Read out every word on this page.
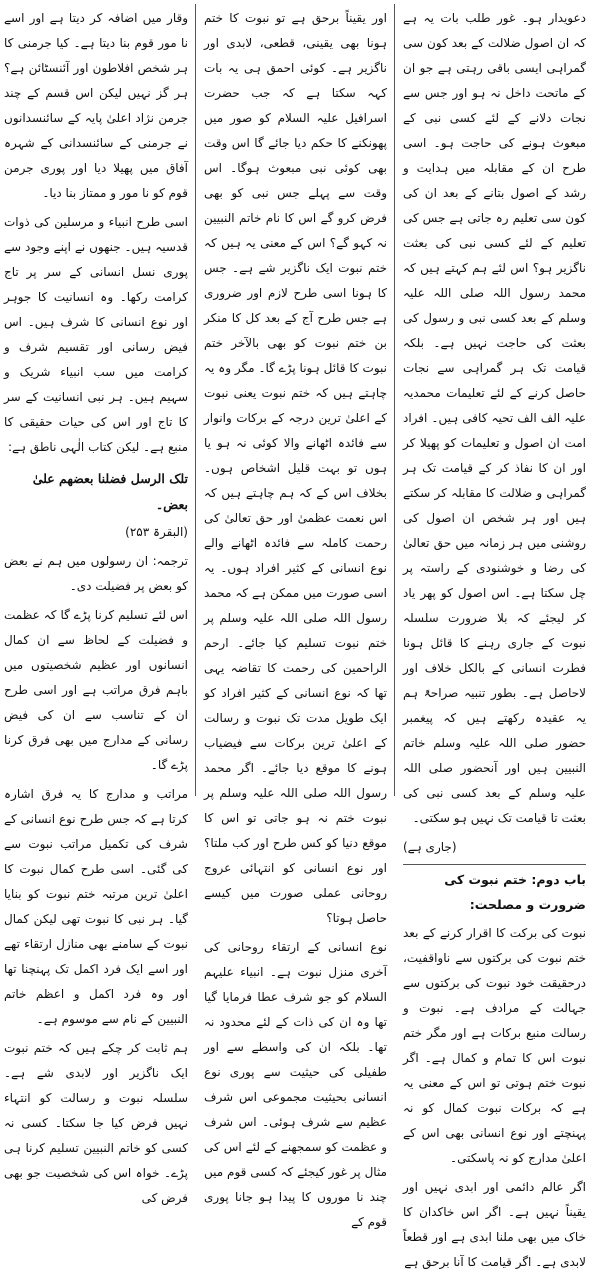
دعویدار ہو۔ غور طلب بات یہ ہے کہ ان اصول ضلالت کے بعد کون سی گمراہی ایسی باقی رہتی ہے جو ان کے ماتحت داخل نہ ہو اور جس سے نجات دلانے کے لئے کسی نبی کے مبعوث ہونے کی حاجت ہو۔ اسی طرح ان کے مقابلہ میں ہدایت و رشد کے اصول بتانے کے بعد ان کی کون سی تعلیم رہ جاتی ہے جس کی تعلیم کے لئے کسی نبی کی بعثت ناگزیر ہو؟ اس لئے ہم کہتے ہیں کہ محمد رسول اللہ صلی اللہ علیہ وسلم کے بعد کسی نبی و رسول کی بعثت کی حاجت نہیں ہے۔ بلکہ قیامت تک ہر گمراہی سے نجات حاصل کرنے کے لئے تعلیمات محمدیہ علیہ الف الف تحیہ کافی ہیں۔ افراد امت ان اصول و تعلیمات کو پھیلا کر اور ان کا نفاذ کر کے قیامت تک ہر گمراہی و ضلالت کا مقابلہ کر سکتے ہیں اور ہر شخص ان اصول کی روشنی میں ہر زمانہ میں حق تعالیٰ کی رضا و خوشنودی کے راستہ پر چل سکتا ہے۔ اس اصول کو پھر یاد کر لیجئے کہ بلا ضرورت سلسلہ نبوت کے جاری رہنے کا قائل ہونا فطرت انسانی کے بالکل خلاف اور لاحاصل ہے۔ بطور تنبیہ صراحۃً ہم یہ عقیدہ رکھتے ہیں کہ پیغمبر حضور صلی اللہ علیہ وسلم خاتم النبیین ہیں اور آنحضور صلی اللہ علیہ وسلم کے بعد کسی نبی کی بعثت تا قیامت تک نہیں ہو سکتی۔

(جاری ہے)

باب دوم: ختم نبوت کی ضرورت و مصلحت:

نبوت کی برکت کا اقرار کرنے کے بعد ختم نبوت کی برکتوں سے ناواقفیت، درحقیقت خود نبوت کی برکتوں سے جہالت کے مرادف ہے۔ نبوت و رسالت منبع برکات ہے اور مگر ختم نبوت اس کا تمام و کمال ہے۔ اگر نبوت ختم ہوتی تو اس کے معنی یہ ہے کہ برکات نبوت کمال کو نہ پہنچتے اور نوع انسانی بھی اس کے اعلیٰ مدارج کو نہ پاسکتی۔

اگر عالم دائمی اور ابدی نہیں اور یقیناً نہیں ہے۔ اگر اس خاکدان کا خاک میں بھی ملنا ابدی ہے اور قطعاً لابدی ہے۔ اگر قیامت کا آنا برحق ہے

اور یقیناً برحق ہے تو نبوت کا ختم ہونا بھی یقینی، قطعی، لابدی اور ناگزیر ہے۔ کوئی احمق ہی یہ بات کہہ سکتا ہے کہ جب حضرت اسرافیل علیہ السلام کو صور میں پھونکنے کا حکم دیا جائے گا اس وقت بھی کوئی نبی مبعوث ہوگا۔ اس وقت سے پہلے جس نبی کو بھی فرض کرو گے اس کا نام خاتم النبیین نہ کہو گے؟ اس کے معنی یہ ہیں کہ ختم نبوت ایک ناگزیر شے ہے۔ جس کا ہونا اسی طرح لازم اور ضروری ہے جس طرح آج کے بعد کل کا منکر بن ختم نبوت کو بھی بالآخر ختم نبوت کا قائل ہونا پڑے گا۔ مگر وہ یہ چاہتے ہیں کہ ختم نبوت یعنی نبوت کے اعلیٰ ترین درجہ کے برکات وانوار سے فائدہ اٹھانے والا کوئی نہ ہو یا ہوں تو بہت قلیل اشخاص ہوں۔ بخلاف اس کے کہ ہم چاہتے ہیں کہ اس نعمت عظمیٰ اور حق تعالیٰ کی رحمت کاملہ سے فائدہ اٹھانے والے نوع انسانی کے کثیر افراد ہوں۔ یہ اسی صورت میں ممکن ہے کہ محمد رسول اللہ صلی اللہ علیہ وسلم پر ختم نبوت تسلیم کیا جائے۔ ارحم الراحمین کی رحمت کا تقاضہ یہی تھا کہ نوع انسانی کے کثیر افراد کو ایک طویل مدت تک نبوت و رسالت کے اعلیٰ ترین برکات سے فیضیاب ہونے کا موقع دیا جائے۔ اگر محمد رسول اللہ صلی اللہ علیہ وسلم پر نبوت ختم نہ ہو جاتی تو اس کا موقع دنیا کو کس طرح اور کب ملتا؟ اور نوع انسانی کو انتہائی عروج روحانی عملی صورت میں کیسے حاصل ہوتا؟

نوع انسانی کے ارتقاء روحانی کی آخری منزل نبوت ہے۔ انبیاء علیہم السلام کو جو شرف عطا فرمایا گیا تھا وہ ان کی ذات کے لئے محدود نہ تھا۔ بلکہ ان کی واسطے سے اور طفیلی کی حیثیت سے پوری نوع انسانی بحیثیت مجموعی اس شرف عظیم سے شرف ہوئی۔ اس شرف و عظمت کو سمجھنے کے لئے اس کی مثال پر غور کیجئے کہ کسی قوم میں چند نا موروں کا پیدا ہو جانا پوری قوم کے

وقار میں اضافہ کر دیتا ہے اور اسے نا مور قوم بنا دیتا ہے۔ کیا جرمنی کا ہر شخص افلاطون اور آئنسٹائن ہے؟ ہر گز نہیں لیکن اس قسم کے چند جرمن نژاد اعلیٰ پایہ کے سائنسدانوں نے جرمنی کے سائنسدانی کے شہرہ آفاق میں پھیلا دیا اور پوری جرمن قوم کو نا مور و ممتاز بنا دیا۔

اسی طرح انبیاء و مرسلین کی ذوات قدسیہ ہیں۔ جنھوں نے اپنے وجود سے پوری نسل انسانی کے سر پر تاج کرامت رکھا۔ وہ انسانیت کا جوہر اور نوع انسانی کا شرف ہیں۔ اس فیض رسانی اور تقسیم شرف و کرامت میں سب انبیاء شریک و سہیم ہیں۔ ہر نبی انسانیت کے سر کا تاج اور اس کی حیات حقیقی کا منبع ہے۔ لیکن کتاب الٰہی ناطق ہے:

تلک الرسل فضلنا بعضھم علیٰ بعض۔

(البقرۃ ۲۵۳)

ترجمہ: ان رسولوں میں ہم نے بعض کو بعض پر فضیلت دی۔

اس لئے تسلیم کرنا پڑے گا کہ عظمت و فضیلت کے لحاظ سے ان کمال انسانوں اور عظیم شخصیتوں میں باہم فرق مراتب ہے اور اسی طرح ان کے تناسب سے ان کی فیض رسانی کے مدارج میں بھی فرق کرنا پڑے گا۔

مراتب و مدارج کا یہ فرق اشارہ کرتا ہے کہ جس طرح نوع انسانی کے شرف کی تکمیل مراتب نبوت سے کی گئی۔ اسی طرح کمال نبوت کا اعلیٰ ترین مرتبہ ختم نبوت کو بنایا گیا۔ ہر نبی کا نبوت تھی لیکن کمال نبوت کے سامنے بھی منازل ارتقاء تھے اور اسے ایک فرد اکمل تک پہنچنا تھا اور وہ فرد اکمل و اعظم خاتم النبیین کے نام سے موسوم ہے۔

ہم ثابت کر چکے ہیں کہ ختم نبوت ایک ناگزیر اور لابدی شے ہے۔ سلسلہ نبوت و رسالت کو انتہاء نہیں فرض کیا جا سکتا۔ کسی نہ کسی کو خاتم النبیین تسلیم کرنا ہی پڑے۔ خواہ اس کی شخصیت جو بھی فرض کی
